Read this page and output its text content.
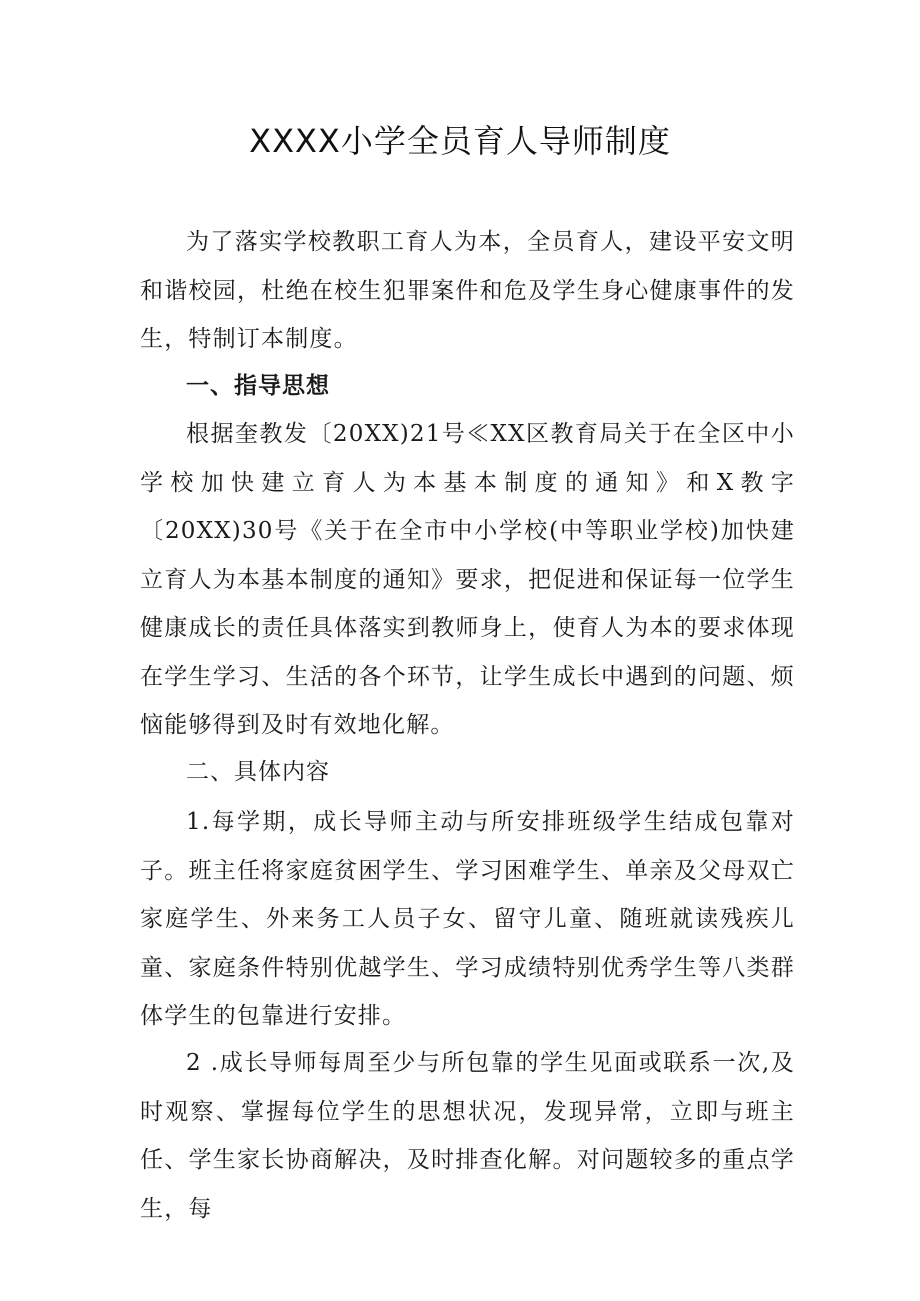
XXXX小学全员育人导师制度

为了落实学校教职工育人为本，全员育人，建设平安文明和谐校园，杜绝在校生犯罪案件和危及学生身心健康事件的发生，特制订本制度。

一、指导思想

根据奎教发〔20XX)21号≪XX区教育局关于在全区中小学校加快建立育人为本基本制度的通知》和X教字〔20XX)30号《关于在全市中小学校(中等职业学校)加快建立育人为本基本制度的通知》要求，把促进和保证每一位学生健康成长的责任具体落实到教师身上，使育人为本的要求体现在学生学习、生活的各个环节，让学生成长中遇到的问题、烦恼能够得到及时有效地化解。

二、具体内容

1.每学期，成长导师主动与所安排班级学生结成包靠对子。班主任将家庭贫困学生、学习困难学生、单亲及父母双亡家庭学生、外来务工人员子女、留守儿童、随班就读残疾儿童、家庭条件特别优越学生、学习成绩特别优秀学生等八类群体学生的包靠进行安排。

2 .成长导师每周至少与所包靠的学生见面或联系一次,及时观察、掌握每位学生的思想状况，发现异常，立即与班主任、学生家长协商解决，及时排查化解。对问题较多的重点学生，每
